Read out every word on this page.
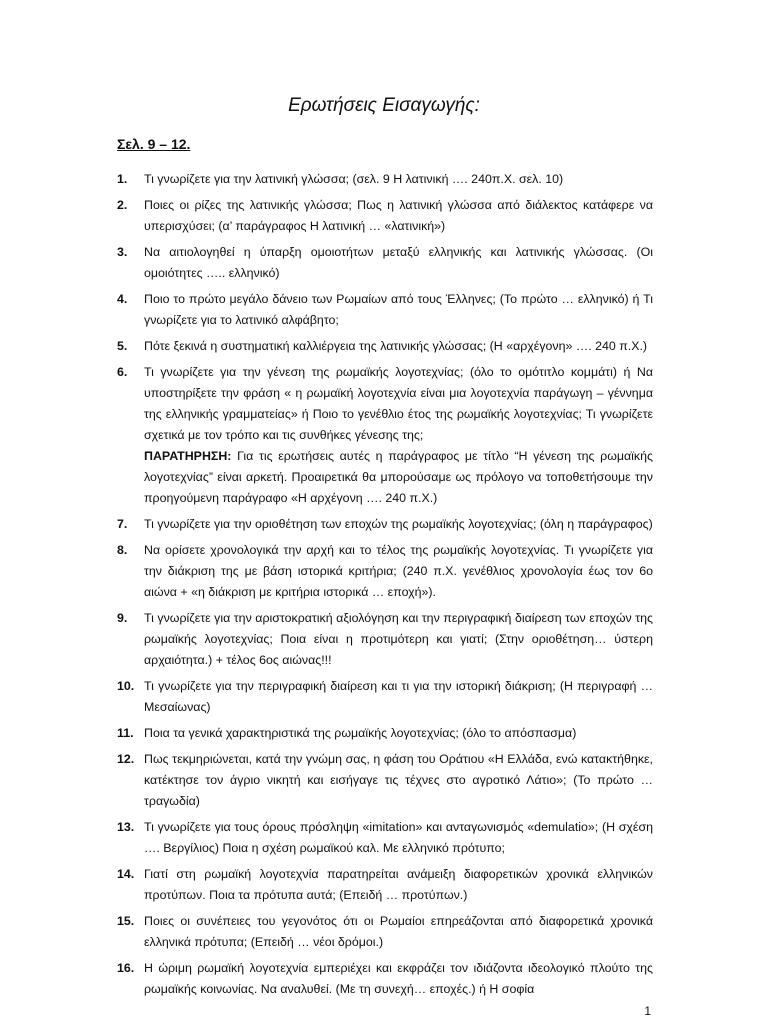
Ερωτήσεις Εισαγωγής:

Σελ. 9 – 12.

1. Τι γνωρίζετε για την λατινική γλώσσα; (σελ. 9 Η λατινική …. 240π.Χ. σελ. 10)
2. Ποιες οι ρίζες της λατινικής γλώσσα; Πως η λατινική γλώσσα από διάλεκτος κατάφερε να υπερισχύσει; (α’ παράγραφος Η λατινική … «λατινική»)
3. Να αιτιολογηθεί η ύπαρξη ομοιοτήτων μεταξύ ελληνικής και λατινικής γλώσσας. (Οι ομοιότητες ….. ελληνικό)
4. Ποιο το πρώτο μεγάλο δάνειο των Ρωμαίων από τους Έλληνες; (Το πρώτο … ελληνικό) ή Τι γνωρίζετε για το λατινικό αλφάβητο;
5. Πότε ξεκινά η συστηματική καλλιέργεια της λατινικής γλώσσας; (Η «αρχέγονη» …. 240 π.Χ.)
6. Τι γνωρίζετε για την γένεση της ρωμαϊκής λογοτεχνίας; (όλο το ομότιτλο κομμάτι) ή Να υποστηρίξετε την φράση « η ρωμαϊκή λογοτεχνία είναι μια λογοτεχνία παράγωγη – γέννημα της ελληνικής γραμματείας» ή Ποιο το γενέθλιο έτος της ρωμαϊκής λογοτεχνίας; Τι γνωρίζετε σχετικά με τον τρόπο και τις συνθήκες γένεσης της;
ΠΑΡΑΤΗΡΗΣΗ: Για τις ερωτήσεις αυτές η παράγραφος με τίτλο “Η γένεση της ρωμαϊκής λογοτεχνίας” είναι αρκετή. Προαιρετικά θα μπορούσαμε ως πρόλογο να τοποθετήσουμε την προηγούμενη παράγραφο «Η αρχέγονη …. 240 π.Χ.)
7. Τι γνωρίζετε για την οριοθέτηση των εποχών της ρωμαϊκής λογοτεχνίας; (όλη η παράγραφος)
8. Να ορίσετε χρονολογικά την αρχή και το τέλος της ρωμαϊκής λογοτεχνίας. Τι γνωρίζετε για την διάκριση της με βάση ιστορικά κριτήρια; (240 π.Χ. γενέθλιος χρονολογία έως τον 6ο αιώνα + «η διάκριση με κριτήρια ιστορικά … εποχή»).
9. Τι γνωρίζετε για την αριστοκρατική αξιολόγηση και την περιγραφική διαίρεση των εποχών της ρωμαϊκής λογοτεχνίας; Ποια είναι η προτιμότερη και γιατί; (Στην οριοθέτηση… ύστερη αρχαιότητα.) + τέλος 6ος αιώνας!!!
10. Τι γνωρίζετε για την περιγραφική διαίρεση και τι για την ιστορική διάκριση; (Η περιγραφή … Μεσαίωνας)
11. Ποια τα γενικά χαρακτηριστικά της ρωμαϊκής λογοτεχνίας; (όλο το απόσπασμα)
12. Πως τεκμηριώνεται, κατά την γνώμη σας, η φάση του Οράτιου «Η Ελλάδα, ενώ κατακτήθηκε, κατέκτησε τον άγριο νικητή και εισήγαγε τις τέχνες στο αγροτικό Λάτιο»; (Το πρώτο … τραγωδία)
13. Τι γνωρίζετε για τους όρους πρόσληψη «imitation» και ανταγωνισμός «demulatio»; (Η σχέση …. Βεργίλιος) Ποια η σχέση ρωμαϊκού καλ. Με ελληνικό πρότυπο;
14. Γιατί στη ρωμαϊκή λογοτεχνία παρατηρείται ανάμειξη διαφορετικών χρονικά ελληνικών προτύπων. Ποια τα πρότυπα αυτά; (Επειδή … προτύπων.)
15. Ποιες οι συνέπειες του γεγονότος ότι οι Ρωμαίοι επηρεάζονται από διαφορετικά χρονικά ελληνικά πρότυπα; (Επειδή … νέοι δρόμοι.)
16. Η ώριμη ρωμαϊκή λογοτεχνία εμπεριέχει και εκφράζει τον ιδιάζοντα ιδεολογικό πλούτο της ρωμαϊκής κοινωνίας. Να αναλυθεί. (Με τη συνεχή… εποχές.) ή Η σοφία
1
